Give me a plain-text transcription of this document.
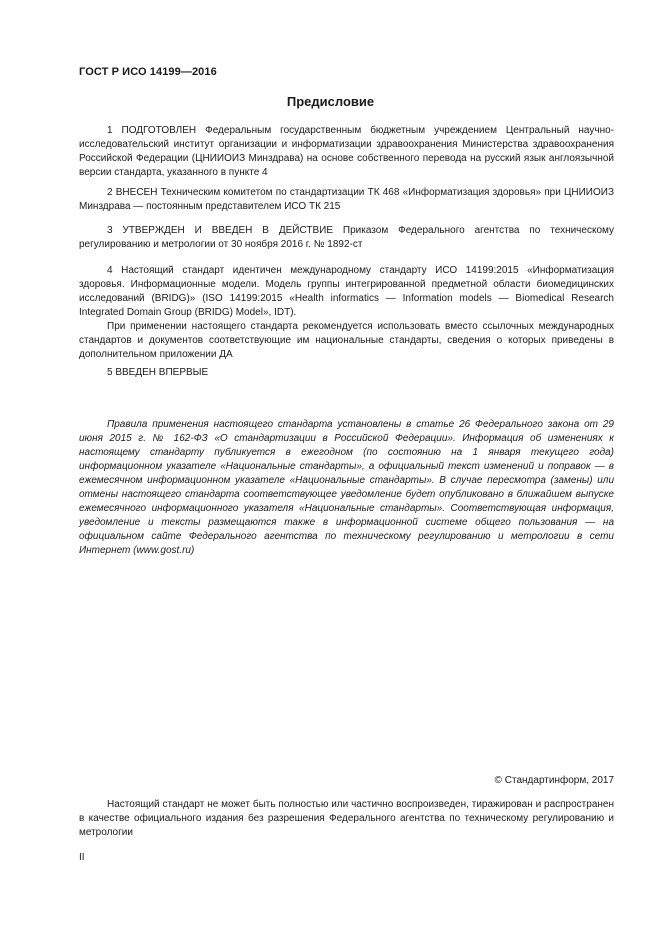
ГОСТ Р ИСО 14199—2016
Предисловие
1 ПОДГОТОВЛЕН Федеральным государственным бюджетным учреждением Центральный научно-исследовательский институт организации и информатизации здравоохранения Министерства здравоохранения Российской Федерации (ЦНИИОИЗ Минздрава) на основе собственного перевода на русский язык англоязычной версии стандарта, указанного в пункте 4
2 ВНЕСЕН Техническим комитетом по стандартизации ТК 468 «Информатизация здоровья» при ЦНИИОИЗ Минздрава — постоянным представителем ИСО ТК 215
3 УТВЕРЖДЕН И ВВЕДЕН В ДЕЙСТВИЕ Приказом Федерального агентства по техническому регулированию и метрологии от 30 ноября 2016 г. № 1892-ст

4 Настоящий стандарт идентичен международному стандарту ИСО 14199:2015 «Информатизация здоровья. Информационные модели. Модель группы интегрированной предметной области биомедицинских исследований (BRIDG)» (ISO 14199:2015 «Health informatics — Information models — Biomedical Research Integrated Domain Group (BRIDG) Model», IDT).

При применении настоящего стандарта рекомендуется использовать вместо ссылочных международных стандартов и документов соответствующие им национальные стандарты, сведения о которых приведены в дополнительном приложении ДА

5 ВВЕДЕН ВПЕРВЫЕ
Правила применения настоящего стандарта установлены в статье 26 Федерального закона от 29 июня 2015 г. № 162-ФЗ «О стандартизации в Российской Федерации». Информация об изменениях к настоящему стандарту публикуется в ежегодном (по состоянию на 1 января текущего года) информационном указателе «Национальные стандарты», а официальный текст изменений и поправок — в ежемесячном информационном указателе «Национальные стандарты». В случае пересмотра (замены) или отмены настоящего стандарта соответствующее уведомление будет опубликовано в ближайшем выпуске ежемесячного информационного указателя «Национальные стандарты». Соответствующая информация, уведомление и тексты размещаются также в информационной системе общего пользования — на официальном сайте Федерального агентства по техническому регулированию и метрологии в сети Интернет (www.gost.ru)
© Стандартинформ, 2017
Настоящий стандарт не может быть полностью или частично воспроизведен, тиражирован и распространен в качестве официального издания без разрешения Федерального агентства по техническому регулированию и метрологии
II
